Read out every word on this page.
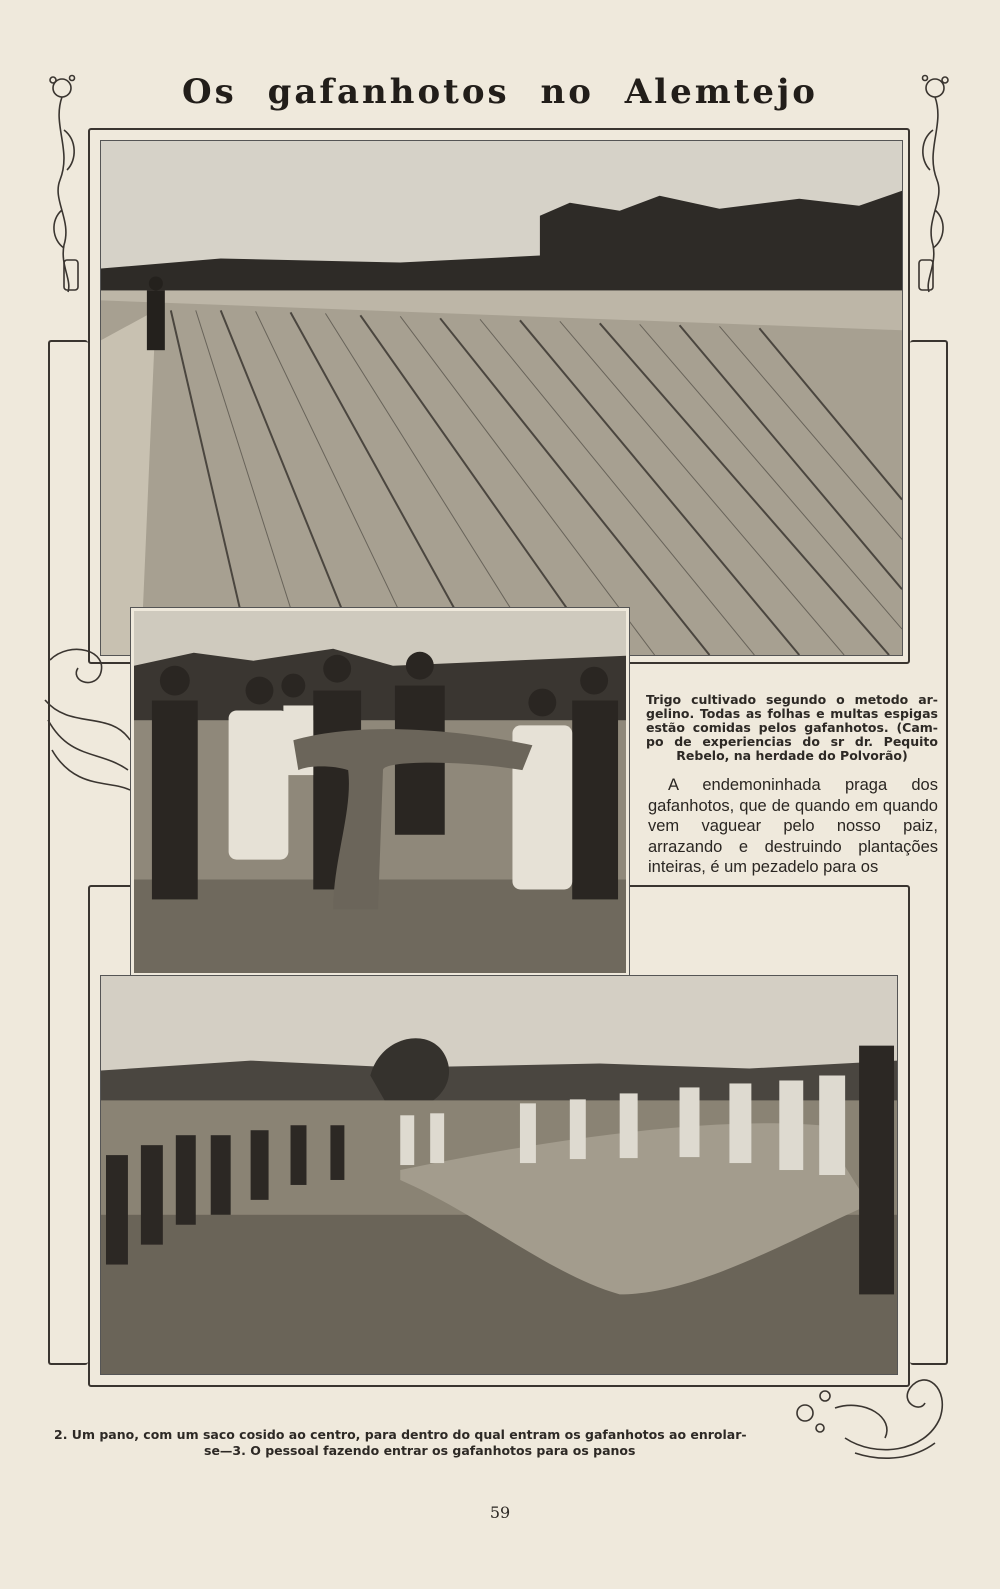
Os gafanhotos no Alemtejo
Trigo cultivado segundo o metodo ar-
gelino. Todas as folhas e multas espigas
estão comidas pelos gafanhotos. (Cam-
po de experiencias do sr dr. Pequito
Rebelo, na herdade do Polvorão)
A endemoninhada praga dos gafanhotos, que de quando em quando vem vaguear pelo nosso paiz, arrazando e destruindo plantações inteiras, é um pezadelo para os
2. Um pano, com um saco cosido ao centro, para dentro do qual entram os gafanhotos ao enrolar-
se—3. O pessoal fazendo entrar os gafanhotos para os panos
59
